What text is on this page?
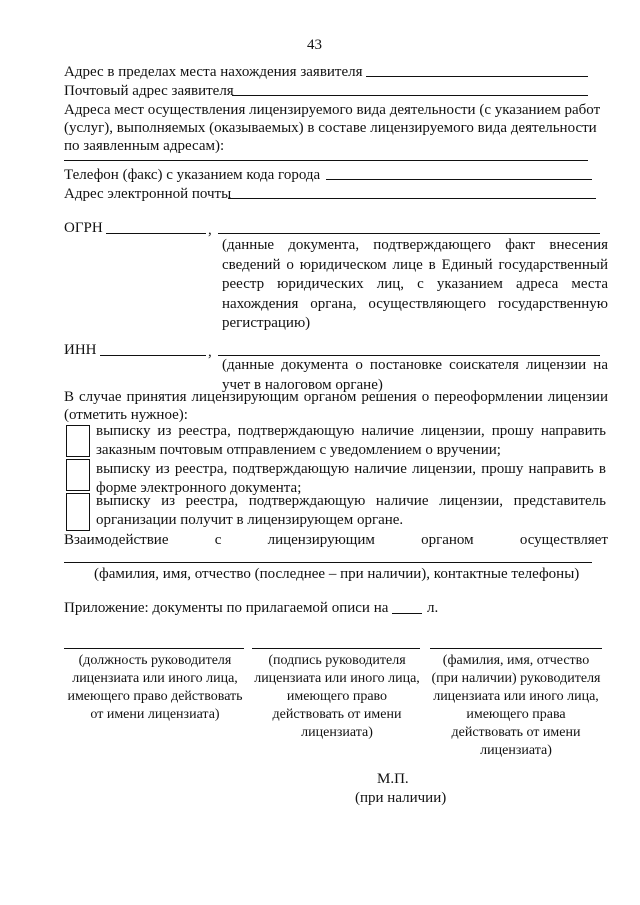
43
Адрес в пределах места нахождения заявителя
Почтовый адрес заявителя
Адреса мест осуществления лицензируемого вида деятельности (с указанием работ
(услуг), выполняемых (оказываемых) в составе лицензируемого вида деятельности
по заявленным адресам):
Телефон (факс) с указанием кода города
Адрес электронной почты
ОГРН	,
(данные документа, подтверждающего факт внесения сведений о юридическом лице в Единый государственный реестр юридических лиц, с указанием адреса места нахождения органа, осуществляющего государственную регистрацию)
ИНН	,
(данные документа о постановке соискателя лицензии на учет в налоговом органе)
В случае принятия лицензирующим органом решения о переоформлении лицензии (отметить нужное):
выписку из реестра, подтверждающую наличие лицензии, прошу направить заказным почтовым отправлением с уведомлением о вручении;
выписку из реестра, подтверждающую наличие лицензии, прошу направить в форме электронного документа;
выписку из реестра, подтверждающую наличие лицензии, представитель организации получит в лицензирующем органе.
Взаимодействие	с	лицензирующим	органом	осуществляет
(фамилия, имя, отчество (последнее – при наличии), контактные телефоны)
Приложение: документы по прилагаемой описи на	л.
(должность руководителя лицензиата или иного лица, имеющего право действовать от имени лицензиата)
(подпись руководителя лицензиата или иного лица, имеющего право действовать от имени лицензиата)
(фамилия, имя, отчество (при наличии) руководителя лицензиата или иного лица, имеющего права действовать от имени лицензиата)
М.П.
(при наличии)
